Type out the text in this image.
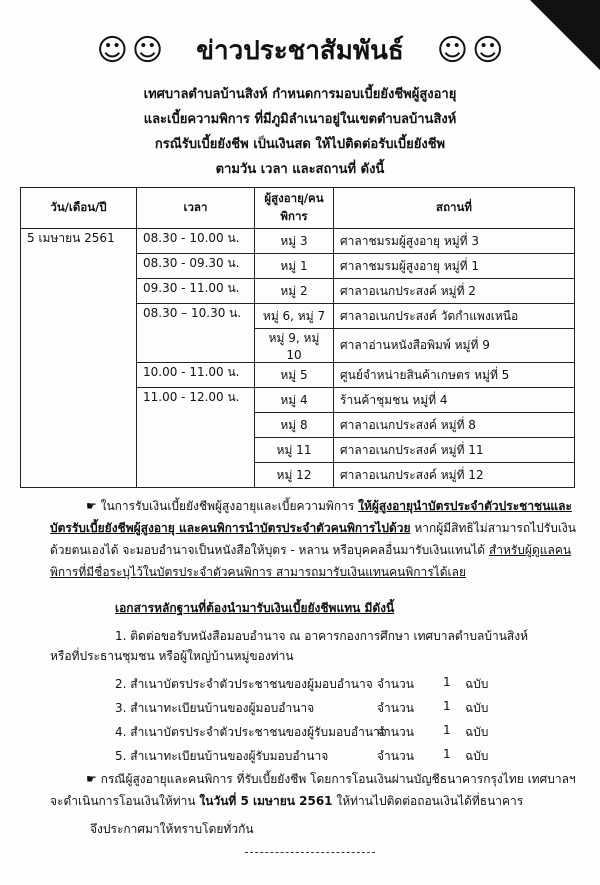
☺ ☺ ข่าวประชาสัมพันธ์ ☺ ☺
เทศบาลตำบลบ้านสิงห์ กำหนดการมอบเบี้ยยังชีพผู้สูงอายุ
และเบี้ยความพิการ ที่มีภูมิลำเนาอยู่ในเขตตำบลบ้านสิงห์
กรณีรับเบี้ยยังชีพ เป็นเงินสด ให้ไปติดต่อรับเบี้ยยังชีพ
ตามวัน เวลา และสถานที่ ดังนี้
วัน/เดือน/ปี	เวลา	ผู้สูงอายุ/คน พิการ	สถานที่
5 เมษายน 2561	08.30 - 10.00 น.	หมู่ 3	ศาลาชมรมผู้สูงอายุ หมู่ที่ 3
	08.30 - 09.30 น.	หมู่ 1	ศาลาชมรมผู้สูงอายุ หมู่ที่ 1
	09.30 - 11.00 น.	หมู่ 2	ศาลาอเนกประสงค์ หมู่ที่ 2
	08.30 – 10.30 น.	หมู่ 6, หมู่ 7	ศาลาอเนกประสงค์ วัดกำแพงเหนือ
		หมู่ 9, หมู่ 10	ศาลาอ่านหนังสือพิมพ์ หมู่ที่ 9
	10.00 - 11.00 น.	หมู่ 5	ศูนย์จำหน่ายสินค้าเกษตร หมู่ที่ 5
	11.00 - 12.00 น.	หมู่ 4	ร้านค้าชุมชน หมู่ที่ 4
		หมู่ 8	ศาลาอเนกประสงค์ หมู่ที่ 8
		หมู่ 11	ศาลาอเนกประสงค์ หมู่ที่ 11
		หมู่ 12	ศาลาอเนกประสงค์ หมู่ที่ 12
☛ ในการรับเงินเบี้ยยังชีพผู้สูงอายุและเบี้ยความพิการ ให้ผู้สูงอายุนำบัตรประจำตัวประชาชนและบัตรรับเบี้ยยังชีพผู้สูงอายุ และคนพิการนำบัตรประจำตัวคนพิการไปด้วย หากผู้มีสิทธิไม่สามารถไปรับเงินด้วยตนเองได้ จะมอบอำนาจเป็นหนังสือให้บุตร - หลาน หรือบุคคลอื่นมารับเงินแทนได้ สำหรับผู้ดูแลคนพิการที่มีชื่อระบุไว้ในบัตรประจำตัวคนพิการ สามารถมารับเงินแทนคนพิการได้เลย
เอกสารหลักฐานที่ต้องนำมารับเงินเบี้ยยังชีพแทน มีดังนี้
1. ติดต่อขอรับหนังสือมอบอำนาจ ณ อาคารกองการศึกษา เทศบาลตำบลบ้านสิงห์
หรือที่ประธานชุมชน หรือผู้ใหญ่บ้านหมู่ของท่าน
2. สำเนาบัตรประจำตัวประชาชนของผู้มอบอำนาจ จำนวน 1 ฉบับ
3. สำเนาทะเบียนบ้านของผู้มอบอำนาจ	จำนวน 1 ฉบับ
4. สำเนาบัตรประจำตัวประชาชนของผู้รับมอบอำนาจ
จำนวน 1 ฉบับ
5. สำเนาทะเบียนบ้านของผู้รับมอบอำนาจ	จำนวน 1 ฉบับ
☛ กรณีผู้สูงอายุและคนพิการ ที่รับเบี้ยยังชีพ โดยการโอนเงินผ่านบัญชีธนาคารกรุงไทย เทศบาลฯ จะดำเนินการโอนเงินให้ท่าน ในวันที่ 5 เมษายน 2561 ให้ท่านไปติดต่อถอนเงินได้ที่ธนาคาร
จึงประกาศมาให้ทราบโดยทั่วกัน
